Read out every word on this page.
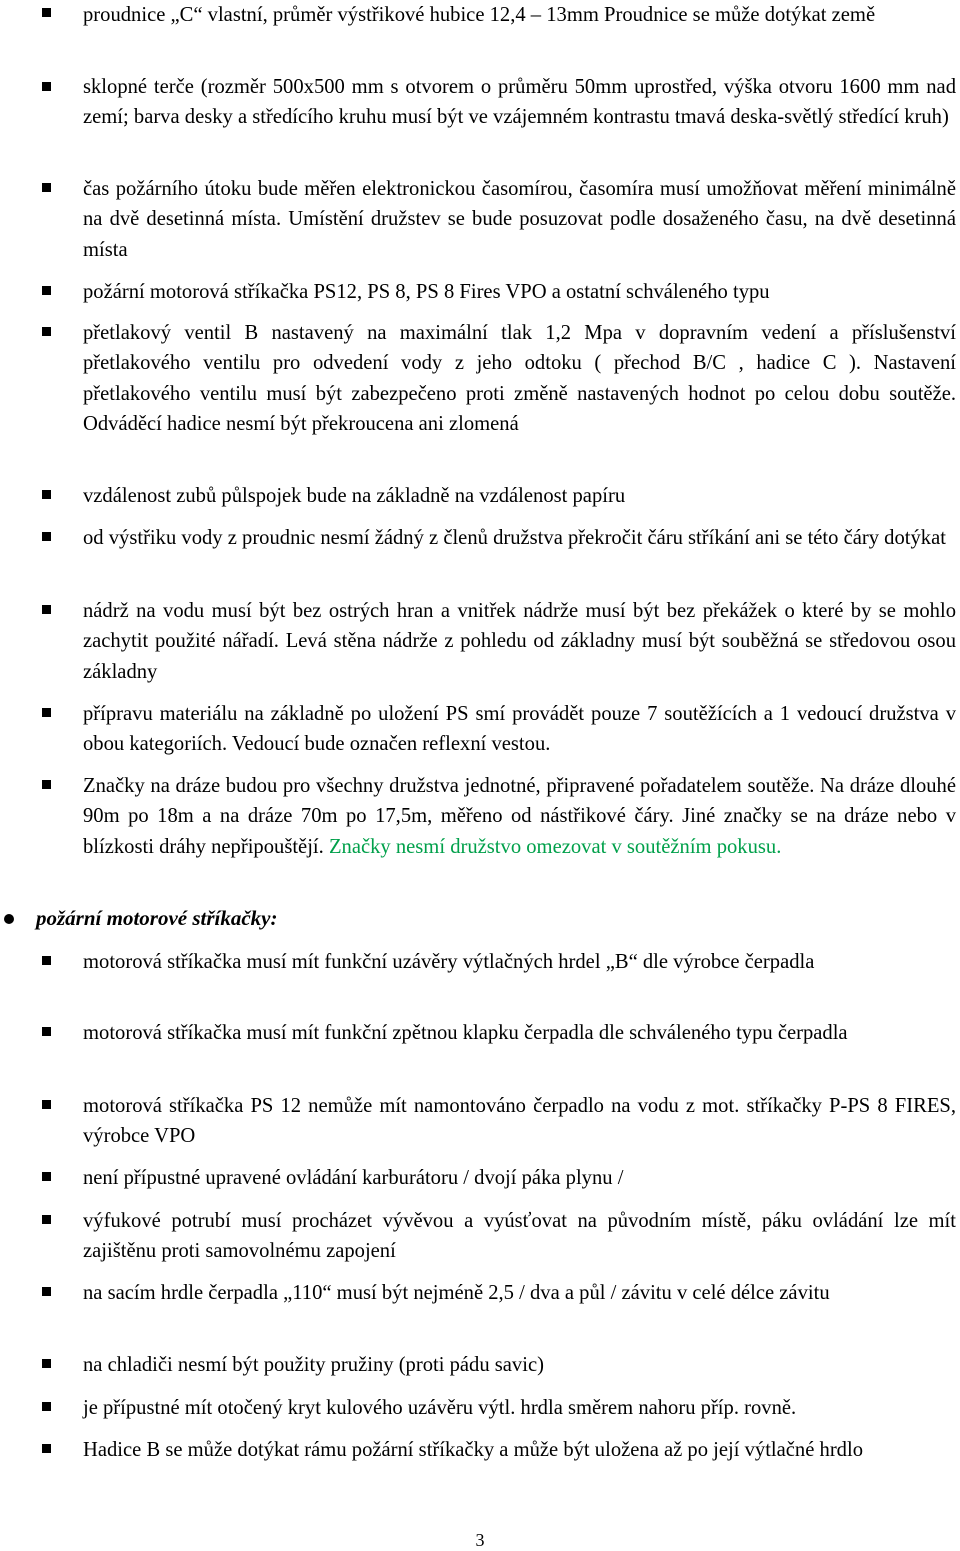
proudnice „C“ vlastní, průměr výstřikové hubice 12,4 – 13mm Proudnice se může dotýkat země
sklopné terče (rozměr 500x500 mm s otvorem o průměru 50mm uprostřed, výška otvoru 1600 mm nad zemí; barva desky a středícího kruhu musí být ve vzájemném kontrastu tmavá deska-světlý středící kruh)
čas požárního útoku bude měřen elektronickou časomírou, časomíra musí umožňovat měření minimálně na dvě desetinná místa. Umístění družstev se bude posuzovat podle dosaženého času, na dvě desetinná místa
požární motorová stříkačka PS12, PS 8, PS 8 Fires VPO a ostatní schváleného typu
přetlakový ventil B nastavený na maximální tlak 1,2 Mpa v dopravním vedení a příslušenství přetlakového ventilu pro odvedení vody z jeho odtoku ( přechod B/C , hadice C ). Nastavení přetlakového ventilu musí být zabezpečeno proti změně nastavených hodnot po celou dobu soutěže. Odváděcí hadice nesmí být překroucena ani zlomená
vzdálenost zubů půlspojek bude na základně na vzdálenost papíru
od výstřiku vody z proudnic nesmí žádný z členů družstva překročit čáru stříkání ani se této čáry dotýkat
nádrž na vodu musí být bez ostrých hran a vnitřek nádrže musí být bez překážek o které by se mohlo zachytit použité nářadí. Levá stěna nádrže z pohledu od základny musí být souběžná se středovou osou základny
přípravu materiálu na základně po uložení PS smí provádět pouze 7 soutěžících a 1 vedoucí družstva v obou kategoriích. Vedoucí bude označen reflexní vestou.
Značky na dráze budou pro všechny družstva jednotné, připravené pořadatelem soutěže. Na dráze dlouhé 90m po 18m a na dráze 70m po 17,5m, měřeno od nástřikové čáry. Jiné značky se na dráze nebo v blízkosti dráhy nepřipouštějí. Značky nesmí družstvo omezovat v soutěžním pokusu.
požární motorové stříkačky:
motorová stříkačka musí mít funkční uzávěry výtlačných hrdel „B“ dle výrobce čerpadla
motorová stříkačka musí mít funkční zpětnou klapku čerpadla dle schváleného typu čerpadla
motorová stříkačka PS 12 nemůže mít namontováno čerpadlo na vodu z mot. stříkačky P-PS 8 FIRES, výrobce VPO
není přípustné upravené ovládání karburátoru / dvojí páka plynu /
výfukové potrubí musí procházet vývěvou a vyúsťovat na původním místě, páku ovládání lze mít zajištěnu proti samovolnému zapojení
na sacím hrdle čerpadla „110“ musí být nejméně 2,5 / dva a půl / závitu v celé délce závitu
na chladiči nesmí být použity pružiny (proti pádu savic)
je přípustné mít otočený kryt kulového uzávěru výtl. hrdla směrem nahoru příp. rovně.
Hadice B se může dotýkat rámu požární stříkačky a může být uložena až po její výtlačné hrdlo
3
